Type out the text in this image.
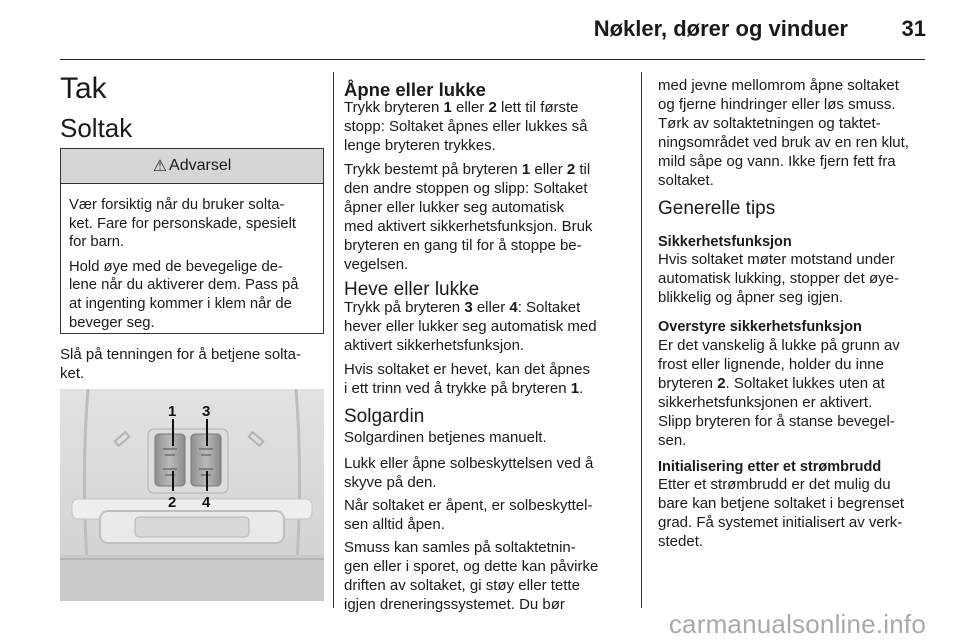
Nøkler, dører og vinduer 31
Tak
Soltak
⚠ Advarsel

Vær forsiktig når du bruker solta-
ket. Fare for personskade, spesielt
for barn.

Hold øye med de bevegelige de-
lene når du aktiverer dem. Pass på
at ingenting kommer i klem når de
beveger seg.

Slå på tenningen for å betjene solta-
ket.

1 3
2 4
Åpne eller lukke

Trykk bryteren 1 eller 2 lett til første
stopp: Soltaket åpnes eller lukkes så
lenge bryteren trykkes.

Trykk bestemt på bryteren 1 eller 2 til
den andre stoppen og slipp: Soltaket
åpner eller lukker seg automatisk
med aktivert sikkerhetsfunksjon. Bruk
bryteren en gang til for å stoppe be-
vegelsen.

Heve eller lukke

Trykk på bryteren 3 eller 4: Soltaket
hever eller lukker seg automatisk med
aktivert sikkerhetsfunksjon.

Hvis soltaket er hevet, kan det åpnes
i ett trinn ved å trykke på bryteren 1.

Solgardin

Solgardinen betjenes manuelt.

Lukk eller åpne solbeskyttelsen ved å
skyve på den.

Når soltaket er åpent, er solbeskyttel-
sen alltid åpen.

Smuss kan samles på soltaktetnin-
gen eller i sporet, og dette kan påvirke
driften av soltaket, gi støy eller tette
igjen dreneringssystemet. Du bør

med jevne mellomrom åpne soltaket
og fjerne hindringer eller løs smuss.
Tørk av soltaktetningen og taktet-
ningsområdet ved bruk av en ren klut,
mild såpe og vann. Ikke fjern fett fra
soltaket.

Generelle tips
Sikkerhetsfunksjon

Hvis soltaket møter motstand under
automatisk lukking, stopper det øye-
blikkelig og åpner seg igjen.

Overstyre sikkerhetsfunksjon

Er det vanskelig å lukke på grunn av
frost eller lignende, holder du inne
bryteren 2. Soltaket lukkes uten at
sikkerhetsfunksjonen er aktivert.
Slipp bryteren for å stanse bevegel-
sen.

Initialisering etter et strømbrudd

Etter et strømbrudd er det mulig du
bare kan betjene soltaket i begrenset
grad. Få systemet initialisert av verk-
stedet.

carmanualsonline.info
